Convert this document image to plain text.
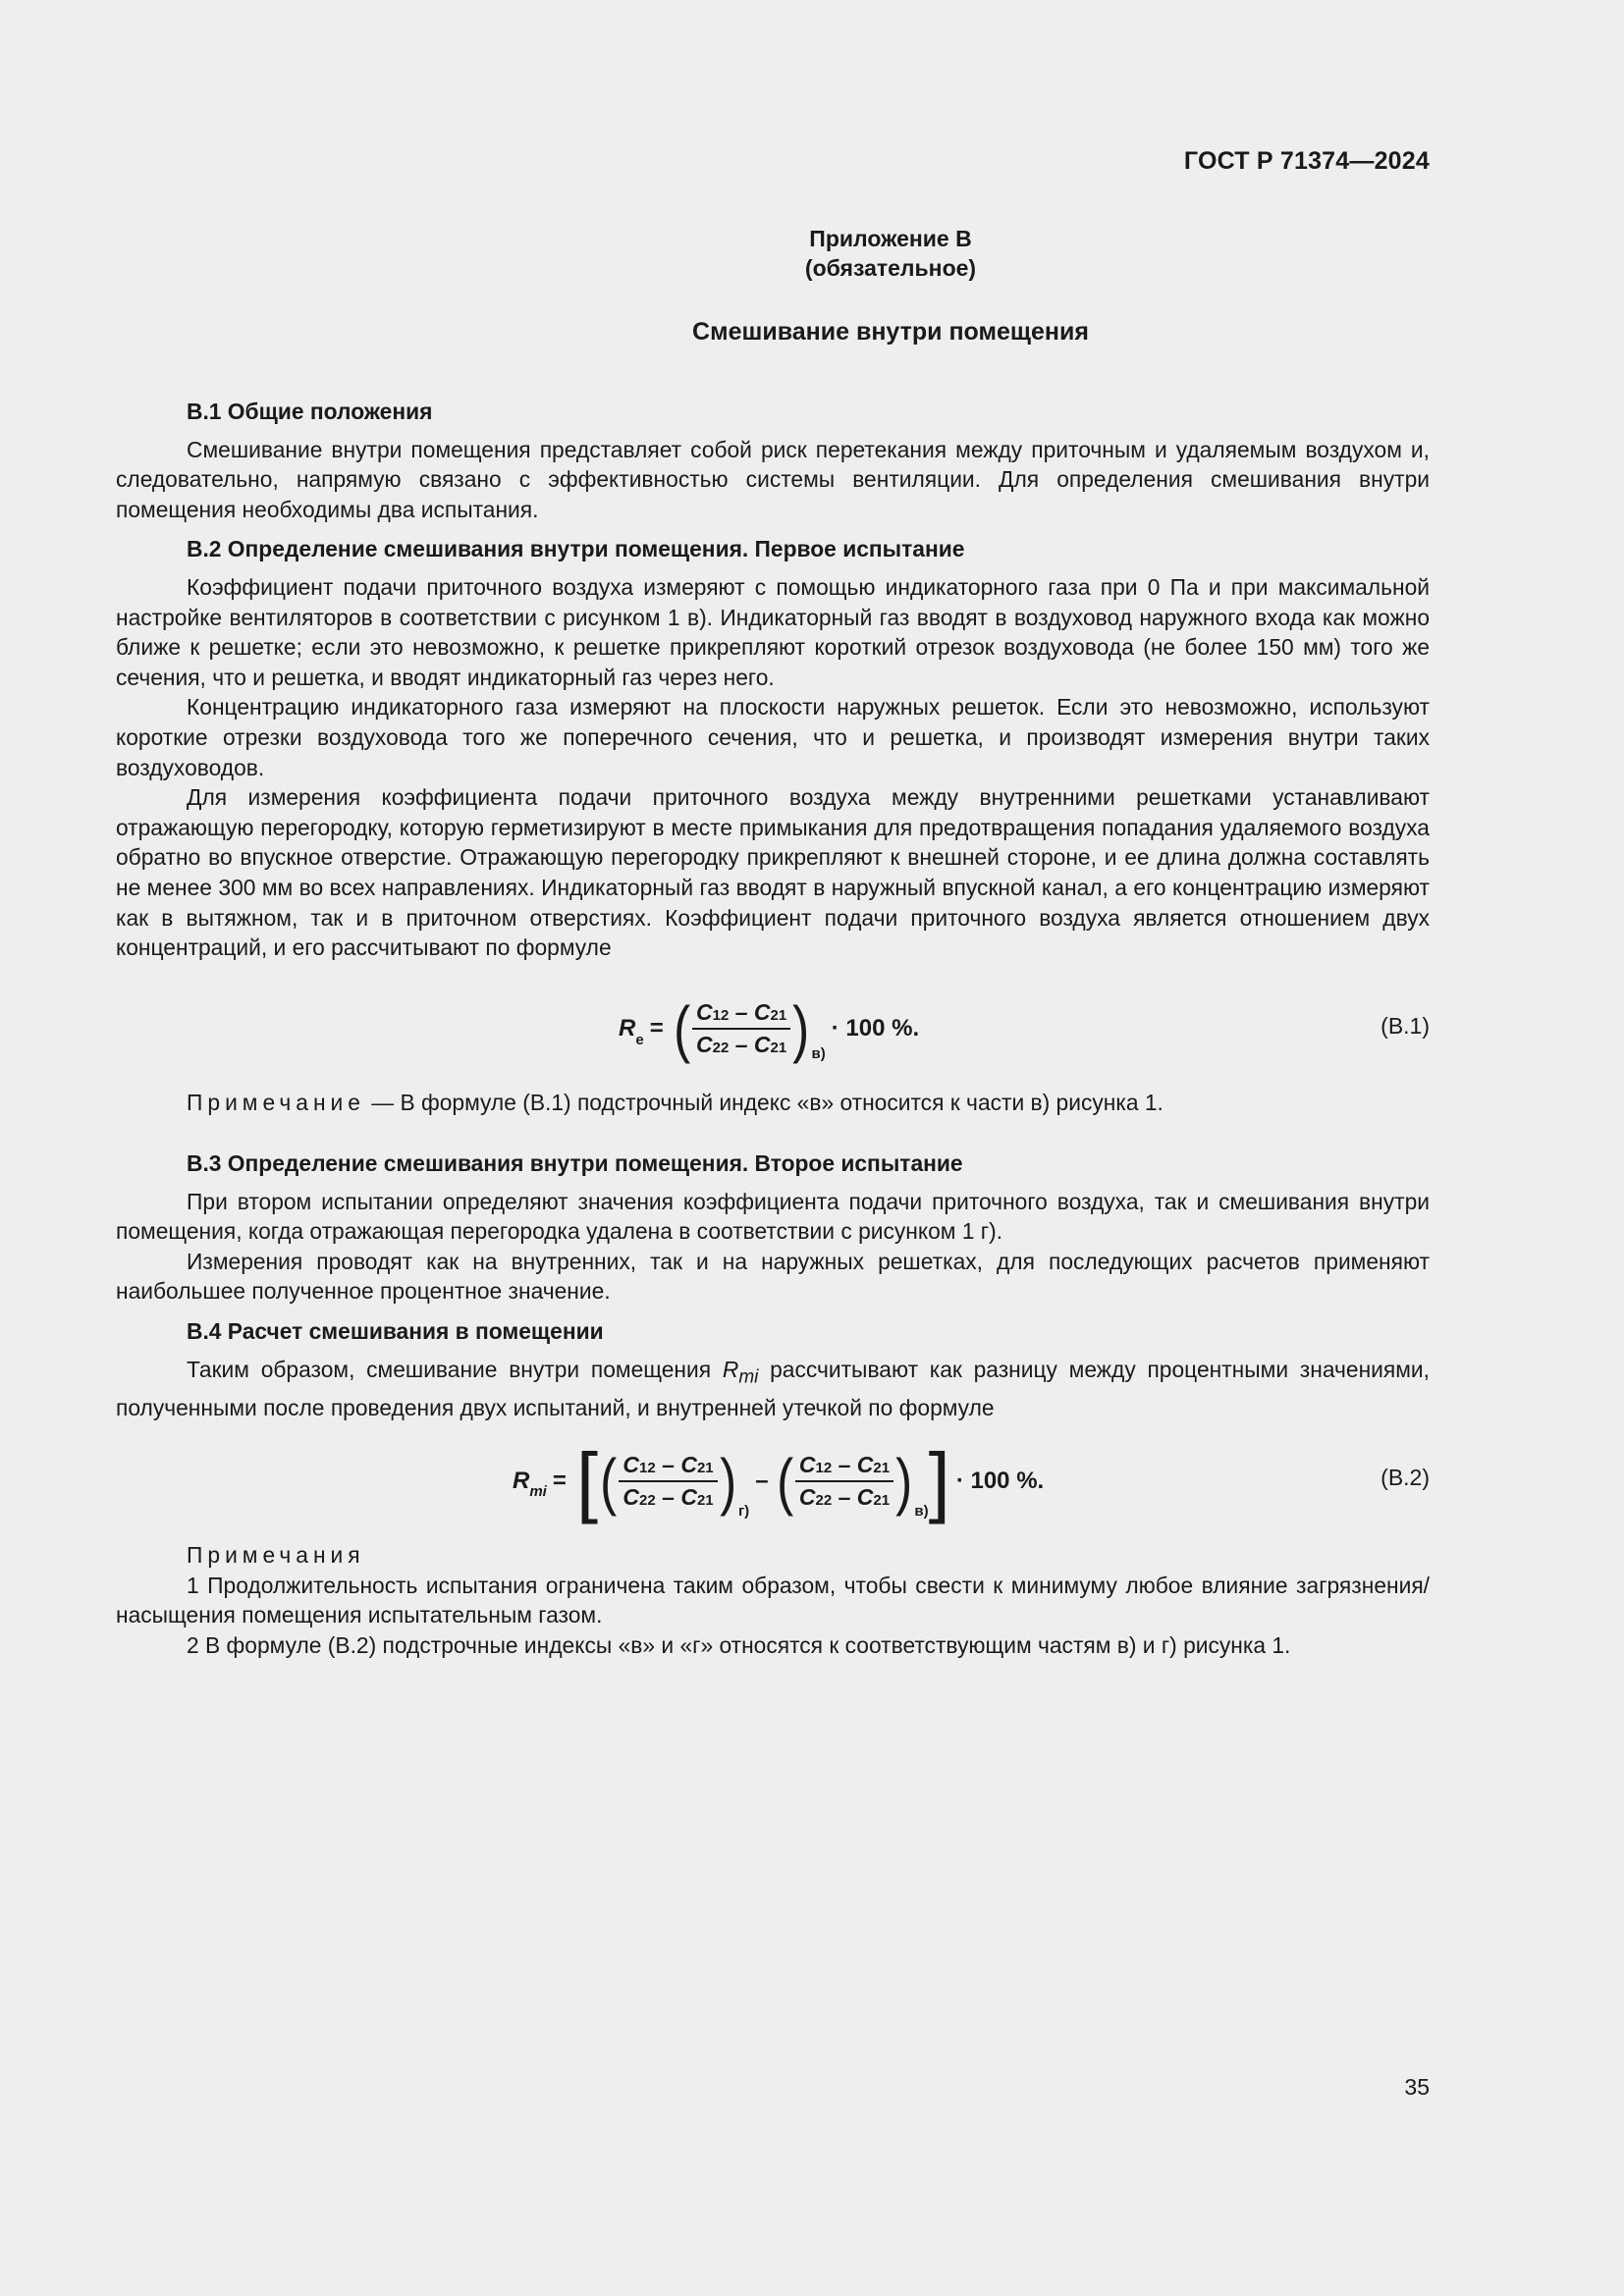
ГОСТ Р 71374—2024
Приложение В
(обязательное)
Смешивание внутри помещения

В.1 Общие положения

Смешивание внутри помещения представляет собой риск перетекания между приточным и удаляемым воздухом и, следовательно, напрямую связано с эффективностью системы вентиляции. Для определения смешивания внутри помещения необходимы два испытания.

В.2 Определение смешивания внутри помещения. Первое испытание

Коэффициент подачи приточного воздуха измеряют с помощью индикаторного газа при 0 Па и при максимальной настройке вентиляторов в соответствии с рисунком 1 в). Индикаторный газ вводят в воздуховод наружного входа как можно ближе к решетке; если это невозможно, к решетке прикрепляют короткий отрезок воздуховода (не более 150 мм) того же сечения, что и решетка, и вводят индикаторный газ через него.

Концентрацию индикаторного газа измеряют на плоскости наружных решеток. Если это невозможно, используют короткие отрезки воздуховода того же поперечного сечения, что и решетка, и производят измерения внутри таких воздуховодов.

Для измерения коэффициента подачи приточного воздуха между внутренними решетками устанавливают отражающую перегородку, которую герметизируют в месте примыкания для предотвращения попадания удаляемого воздуха обратно во впускное отверстие. Отражающую перегородку прикрепляют к внешней стороне, и ее длина должна составлять не менее 300 мм во всех направлениях. Индикаторный газ вводят в наружный впускной канал, а его концентрацию измеряют как в вытяжном, так и в приточном отверстиях. Коэффициент подачи приточного воздуха является отношением двух концентраций, и его рассчитывают по формуле

R e = ( $\frac{C12 - C21}{C22 - C21}$ ) в)
· 100 %.	(В.1)

Примечание — В формуле (В.1) подстрочный индекс «в» относится к части в) рисунка 1.

В.3 Определение смешивания внутри помещения. Второе испытание

При втором испытании определяют значения коэффициента подачи приточного воздуха, так и смешивания внутри помещения, когда отражающая перегородка удалена в соответствии с рисунком 1 г).

Измерения проводят как на внутренних, так и на наружных решетках, для последующих расчетов применяют наибольшее полученное процентное значение.

В.4 Расчет смешивания в помещении

Таким образом, смешивание внутри помещения $R_{mi}$ рассчитывают как разницу между процентными значениями, полученными после проведения двух испытаний, и внутренней утечкой по формуле

R mi = [ ( $\frac{C12 - C21}{C22 - C21}$ ) г)
– ( $\frac{C12 - C21}{C22 - C21}$ ) в) ] · 100 %.	(В.2)

Примечания

1 Продолжительность испытания ограничена таким образом, чтобы свести к минимуму любое влияние загрязнения/насыщения помещения испытательным газом.

2 В формуле (В.2) подстрочные индексы «в» и «г» относятся к соответствующим частям в) и г) рисунка 1.

35
